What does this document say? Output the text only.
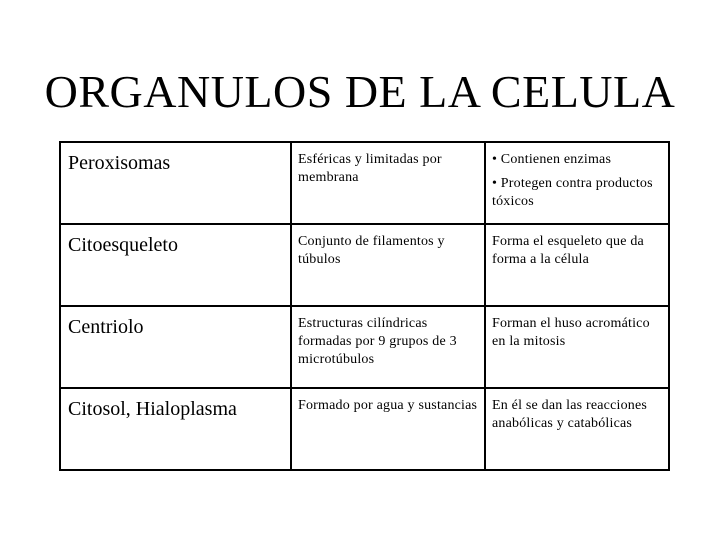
ORGANULOS DE LA CELULA
Peroxisomas	Esféricas y limitadas por membrana	• Contienen enzimas
• Protegen contra productos tóxicos

Citoesqueleto	Conjunto de filamentos y túbulos	Forma el esqueleto que da forma a la célula

Centriolo	Estructuras cilíndricas formadas por 9 grupos de 3 microtúbulos	Forman el huso acromático en la mitosis

Citosol, Hialoplasma	Formado por agua y sustancias	En él se dan las reacciones anabólicas y catabólicas
